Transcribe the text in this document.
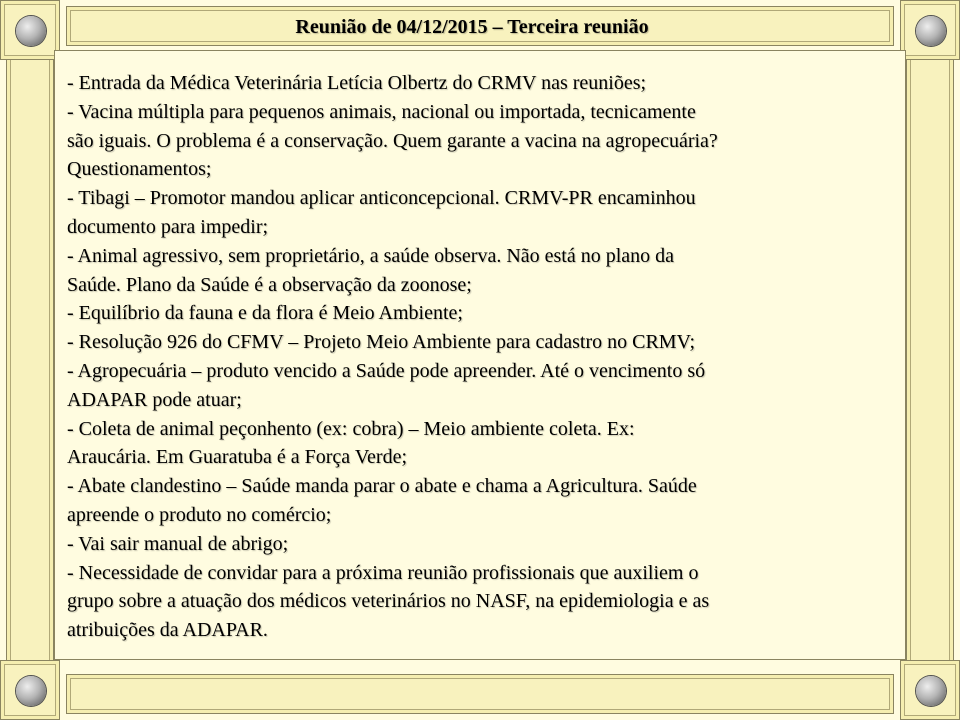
Reunião de 04/12/2015 – Terceira reunião
- Entrada da Médica Veterinária Letícia Olbertz do CRMV nas reuniões;
- Vacina múltipla para pequenos animais, nacional ou importada, tecnicamente
são iguais. O problema é a conservação. Quem garante a vacina na agropecuária?
Questionamentos;
- Tibagi – Promotor mandou aplicar anticoncepcional. CRMV-PR encaminhou
documento para impedir;
- Animal agressivo, sem proprietário, a saúde observa. Não está no plano da
Saúde. Plano da Saúde é a observação da zoonose;
- Equilíbrio da fauna e da flora é Meio Ambiente;
- Resolução 926 do CFMV – Projeto Meio Ambiente para cadastro no CRMV;
- Agropecuária – produto vencido a Saúde pode apreender. Até o vencimento só
ADAPAR pode atuar;
- Coleta de animal peçonhento (ex: cobra) – Meio ambiente coleta. Ex:
Araucária. Em Guaratuba é a Força Verde;
- Abate clandestino – Saúde manda parar o abate e chama a Agricultura. Saúde
apreende o produto no comércio;
- Vai sair manual de abrigo;
- Necessidade de convidar para a próxima reunião profissionais que auxiliem o
grupo sobre a atuação dos médicos veterinários no NASF, na epidemiologia e as
atribuições da ADAPAR.
